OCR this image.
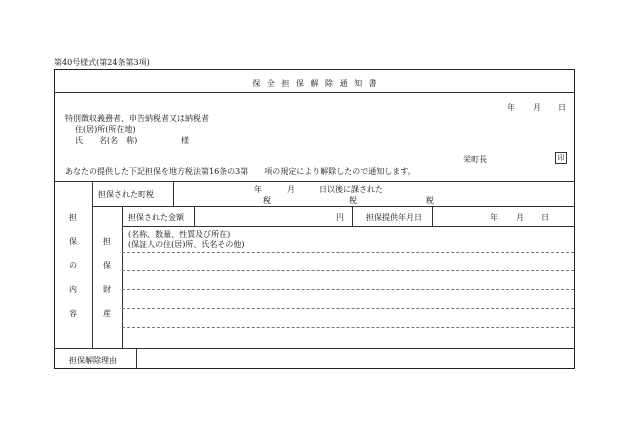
第40号様式(第24条第3項)
保 全 担 保 解 除 通 知 書
年 月 日
特別徴収義務者、申告納税者又は納税者
住(居)所(所在地)
氏　　名(名　称)	様
栄町長	印
あなたの提供した下記担保を地方税法第16条の3第　　項の規定により解除したので通知します。
担保された町税
年	月	日以後に課された
税	税	税
担
保
の
内
容
担保された金額	円	担保提供年月日	年 月 日
担
保
財
産
(名称、数量、性質及び所在)
(保証人の住(居)所、氏名その他)
担保解除理由
